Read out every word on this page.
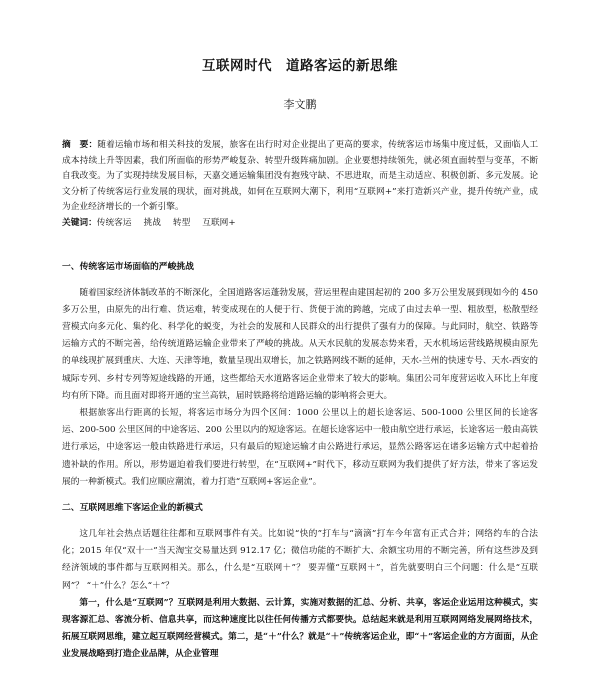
互联网时代 道路客运的新思维
李文鹏
摘　要：随着运输市场和相关科技的发展，旅客在出行时对企业提出了更高的要求，传统客运市场集中度过低，又面临人工成本持续上升等因素，我们所面临的形势严峻复杂、转型升级阵痛加剧。企业要想持续领先，就必须直面转型与变革，不断自我改变。为了实现持续发展目标，天嘉交通运输集团没有抱残守缺、不思进取，而是主动适应、积极创新、多元发展。论文分析了传统客运行业发展的现状，面对挑战，如何在互联网大潮下，利用“互联网+”来打造新兴产业，提升传统产业，成为企业经济增长的一个新引擎。
关键词：传统客运 挑战 转型 互联网+
一、传统客运市场面临的严峻挑战

随着国家经济体制改革的不断深化，全国道路客运蓬勃发展，营运里程由建国起初的 200 多万公里发展到现如今的 450 多万公里，由原先的出行难、货运难，转变成现在的人便于行、货便于流的跨越，完成了由过去单一型、粗放型，松散型经营模式向多元化、集约化、科学化的蜕变，为社会的发展和人民群众的出行提供了强有力的保障。与此同时，航空、铁路等运输方式的不断完善，给传统道路运输企业带来了严峻的挑战。从天水民航的发展态势来看，天水机场运营线路规模由原先的单线现扩展到重庆、大连、天津等地，数量呈现出双增长，加之铁路网线不断的延伸，天水-兰州的快速专号、天水-西安的城际专列、乡村专列等短途线路的开通，这些都给天水道路客运企业带来了较大的影响。集团公司年度营运收入环比上年度均有所下降。而且面对即将开通的宝兰高铁，届时铁路将给道路运输的影响将会更大。

根据旅客出行距离的长短，将客运市场分为四个区间：1000 公里以上的超长途客运、500-1000 公里区间的长途客运、200-500 公里区间的中途客运、200 公里以内的短途客运。在超长途客运中一般由航空进行承运，长途客运一般由高铁进行承运，中途客运一般由铁路进行承运，只有最后的短途运输才由公路进行承运，显然公路客运在诸多运输方式中起着拾遗补缺的作用。所以，形势逼迫着我们要进行转型，在“互联网+”时代下，移动互联网为我们提供了好方法，带来了客运发展的一种新模式。我们应顺应潮流，着力打造“互联网+客运企业”。

二、互联网思维下客运企业的新模式

这几年社会热点话题往往都和互联网事件有关。比如说“快的”打车与“滴滴”打车今年富有正式合并；网络约车的合法化；2015 年仅“双十一”当天淘宝交易量达到 912.17 亿；微信功能的不断扩大、余额宝功用的不断完善，所有这些涉及到经济领域的事件都与互联网相关。那么，什么是“互联网＋”？ 要弄懂“互联网＋”，首先就要明白三个问题：什么是“互联网”？ “＋”什么？怎么“＋”？

第一，什么是“互联网”？互联网是利用大数据、云计算，实施对数据的汇总、分析、共享，客运企业运用这种模式，实现客源汇总、客流分析、信息共享，而这种速度比以往任何传播方式都要快。总结起来就是利用互联网网络发展网络技术，拓展互联网思维，建立起互联网经营模式。第二，是“＋”什么？就是“＋”传统客运企业，即“＋”客运企业的方方面面，从企业发展战略到打造企业品牌，从企业管理
